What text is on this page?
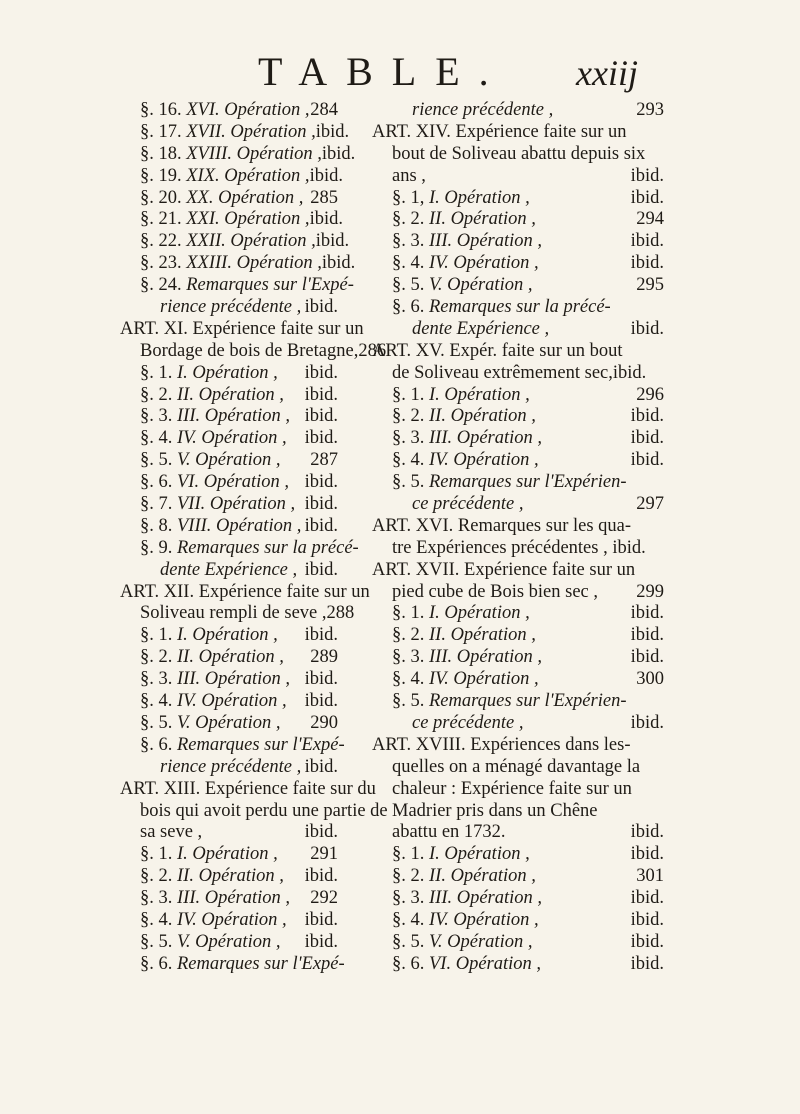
TABLE. xxiij
§. 16. XVI. Opération , 284
§. 17. XVII. Opération , ibid.
§. 18. XVIII. Opération , ibid.
§. 19. XIX. Opération , ibid.
§. 20. XX. Opération , 285
§. 21. XXI. Opération , ibid.
§. 22. XXII. Opération , ibid.
§. 23. XXIII. Opération , ibid.
§. 24. Remarques sur l'Expé-
rience précédente , ibid.
ART. XI. Expérience faite sur un
Bordage de bois de Bretagne,286
§. 1. I. Opération , ibid.
§. 2. II. Opération , ibid.
§. 3. III. Opération , ibid.
§. 4. IV. Opération , ibid.
§. 5. V. Opération , 287
§. 6. VI. Opération , ibid.
§. 7. VII. Opération , ibid.
§. 8. VIII. Opération , ibid.
§. 9. Remarques sur la précé-
dente Expérience , ibid.
ART. XII. Expérience faite sur un
Soliveau rempli de seve , 288
§. 1. I. Opération , ibid.
§. 2. II. Opération , 289
§. 3. III. Opération , ibid.
§. 4. IV. Opération , ibid.
§. 5. V. Opération , 290
§. 6. Remarques sur l'Expé-
rience précédente , ibid.
ART. XIII. Expérience faite sur du
bois qui avoit perdu une partie de
sa seve ,	ibid.
§. 1. I. Opération , 291
§. 2. II. Opération , ibid.
§. 3. III. Opération , 292
§. 4. IV. Opération , ibid.
§. 5. V. Opération , ibid.
§. 6. Remarques sur l'Expé-
rience précédente ,	293
ART. XIV. Expérience faite sur un
bout de Soliveau abattu depuis six
ans ,	ibid.
§. 1, I. Opération ,	ibid.
§. 2. II. Opération ,	294
§. 3. III. Opération ,	ibid.
§. 4. IV. Opération ,	ibid.
§. 5. V. Opération ,	295
§. 6. Remarques sur la précé-
dente Expérience ,	ibid.
ART. XV. Expér. faite sur un bout
de Soliveau extrêmement sec,ibid.
§. 1. I. Opération ,	296
§. 2. II. Opération ,	ibid.
§. 3. III. Opération ,	ibid.
§. 4. IV. Opération ,	ibid.
§. 5. Remarques sur l'Expérien-
ce précédente ,	297
ART. XVI. Remarques sur les qua-
tre Expériences précédentes , ibid.
ART. XVII. Expérience faite sur un
pied cube de Bois bien sec , 299
§. 1. I. Opération ,	ibid.
§. 2. II. Opération ,	ibid.
§. 3. III. Opération ,	ibid.
§. 4. IV. Opération ,	300
§. 5. Remarques sur l'Expérien-
ce précédente ,	ibid.
ART. XVIII. Expériences dans les-
quelles on a ménagé davantage la
chaleur : Expérience faite sur un
Madrier pris dans un Chêne
abattu en 1732.	ibid.
§. 1. I. Opération ,	ibid.
§. 2. II. Opération ,	301
§. 3. III. Opération ,	ibid.
§. 4. IV. Opération ,	ibid.
§. 5. V. Opération ,	ibid.
§. 6. VI. Opération ,	ibid.
